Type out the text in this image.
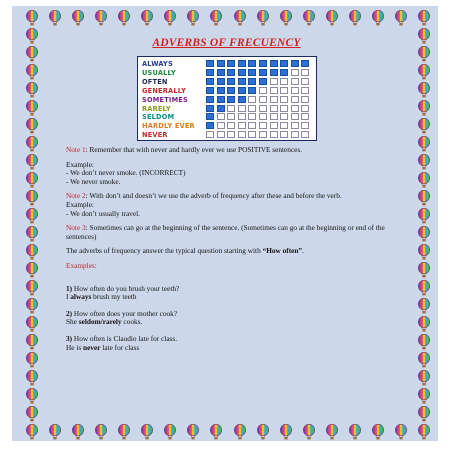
ADVERBS OF FRECUENCY
ALWAYS
USUALLY
OFTEN
GENERALLY
SOMETIMES
RARELY
SELDOM
HARDLY EVER
NEVER

Note 1: Remember that with never and hardly ever we use POSITIVE sentences.

Example:

- We don’t never smoke. (INCORRECT)

- We never smoke.

Note 2: With don’t and doesn’t we use the adverb of frequency after these and before the verb.

Example:

- We don’t usually travel.

Note 3: Sometimes can go at the beginning of the sentence. (Sometimes can go at the beginning or end of the sentences)

The adverbs of frequency answer the typical question starting with “How often”.

Examples:

1) How often do you brush your teeth?

I always brush my teeth

2) How often does your mother cook?

She seldom/rarely cooks.

3) How often is Claudio late for class.

He is never late for class
